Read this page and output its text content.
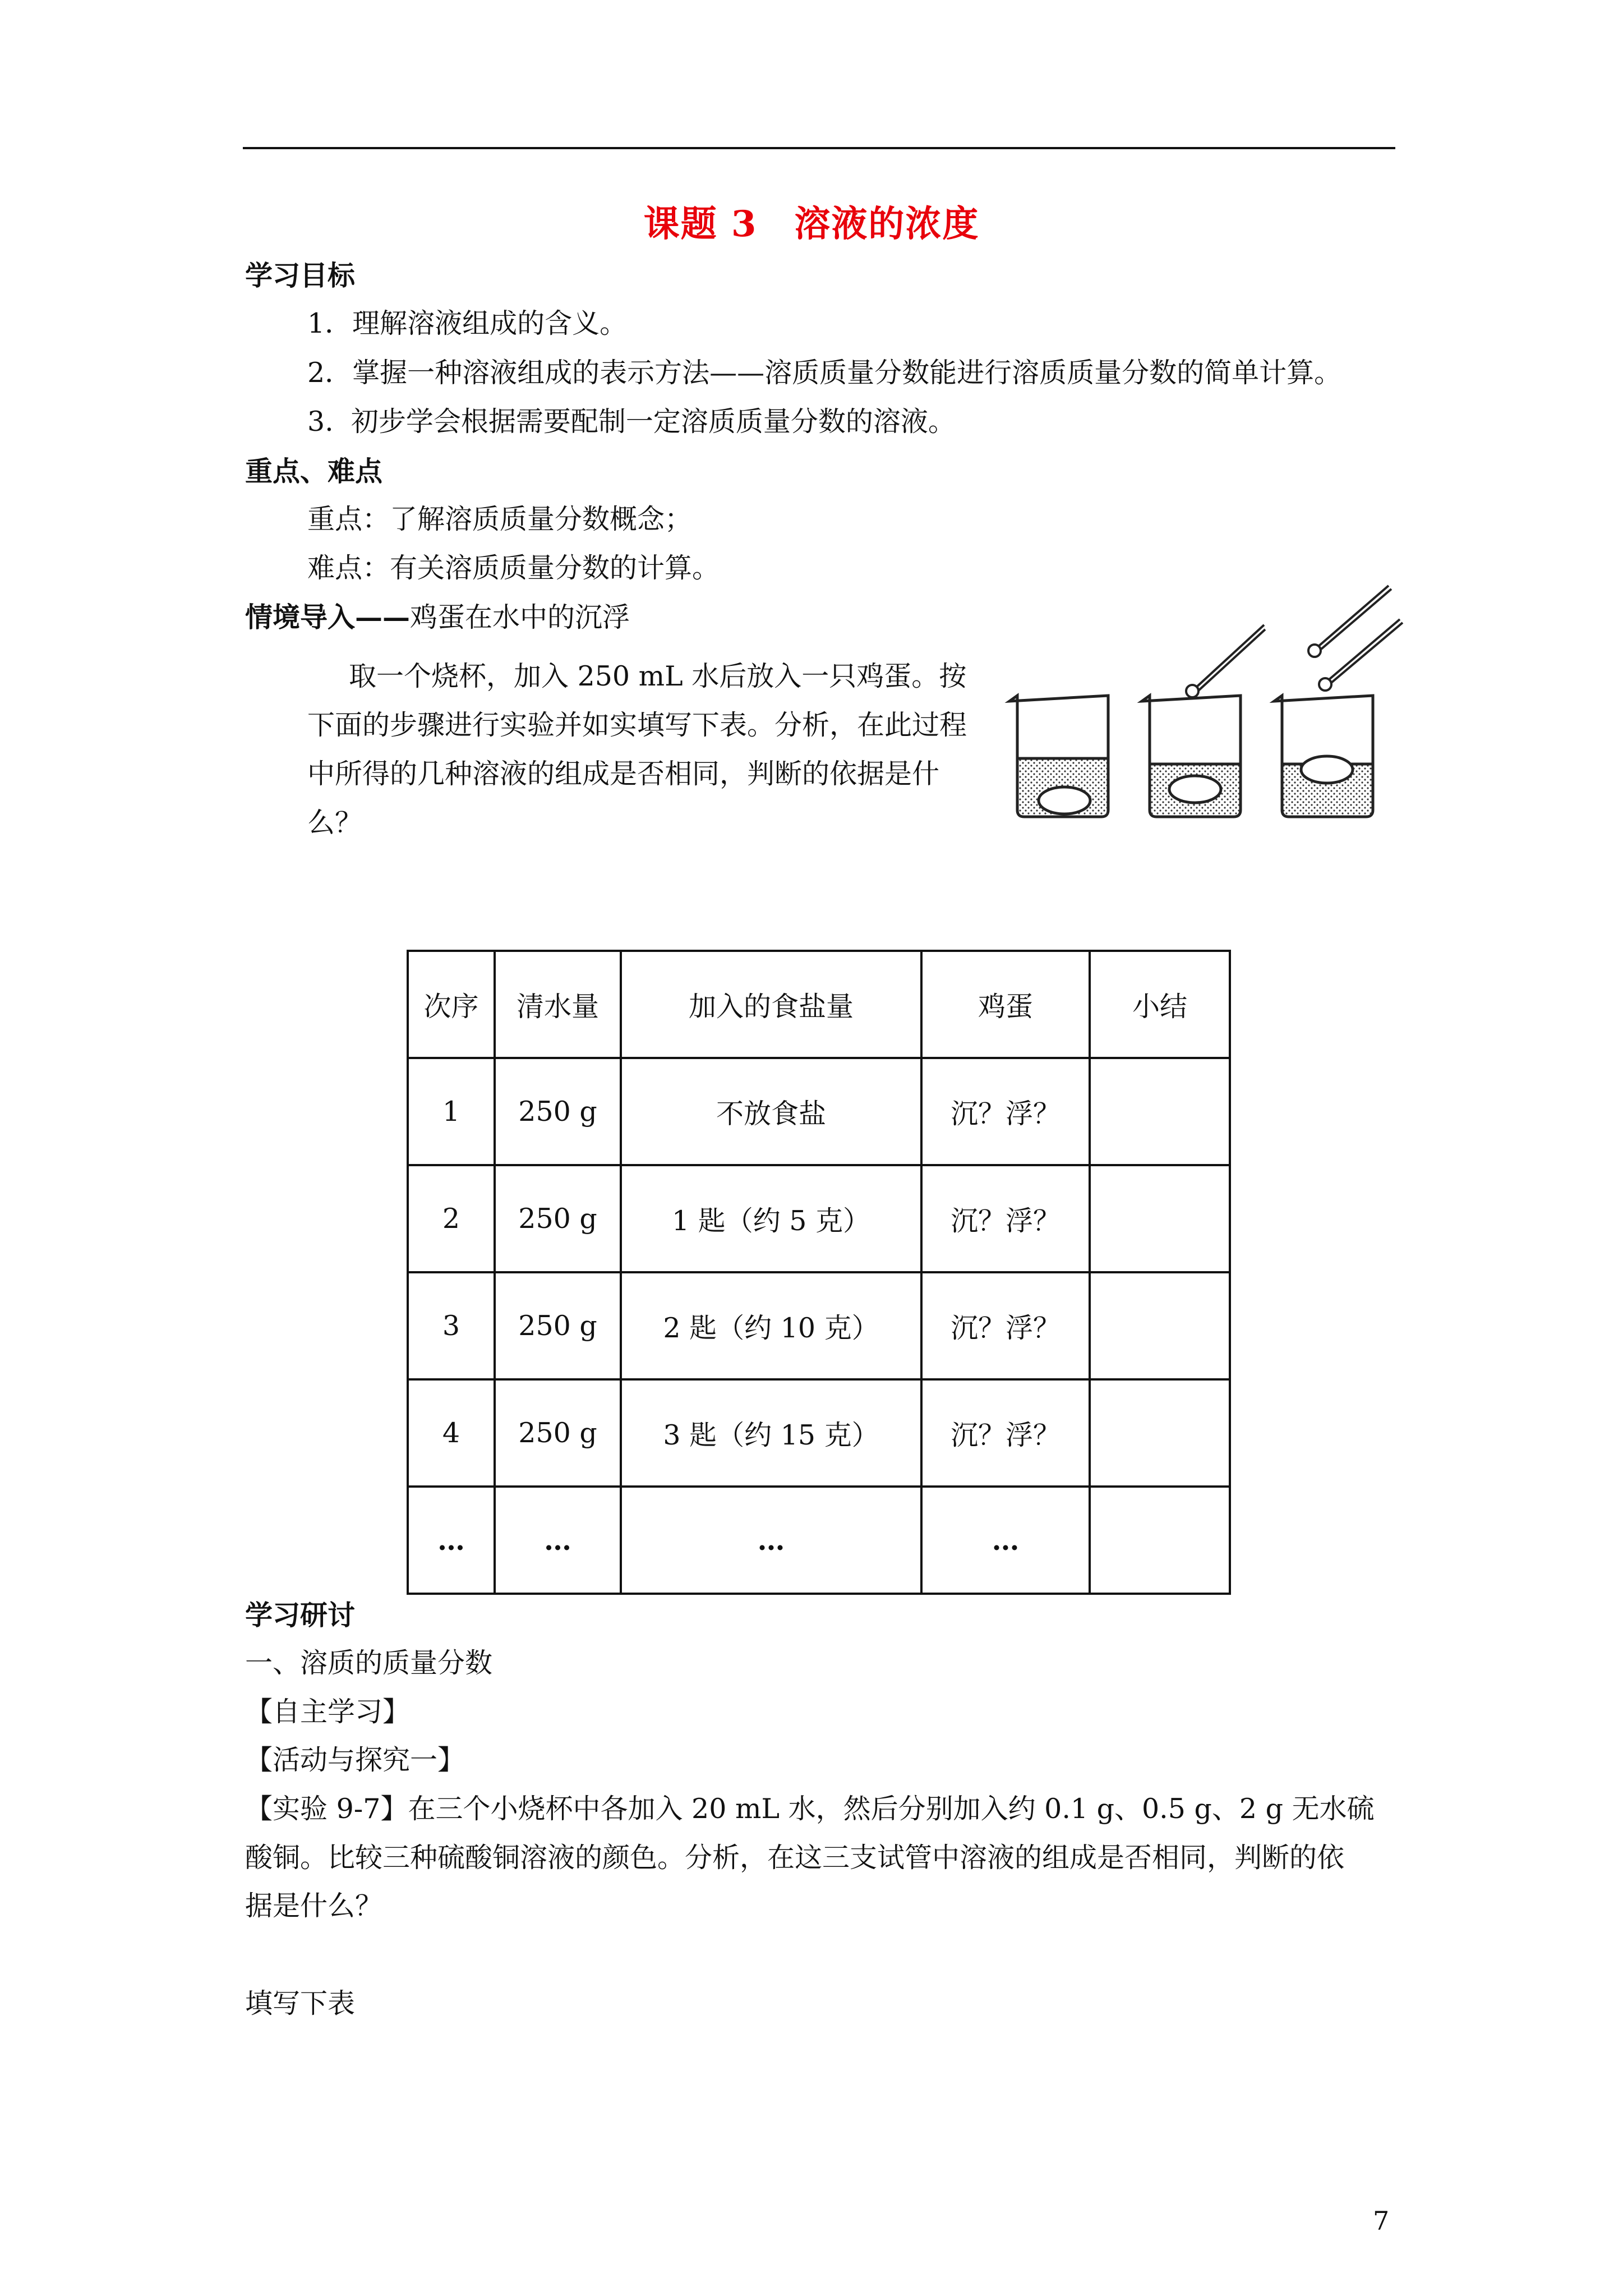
课题 3　溶液的浓度
学习目标
1．理解溶液组成的含义。
2．掌握一种溶液组成的表示方法——溶质质量分数能进行溶质质量分数的简单计算。
3.  初步学会根据需要配制一定溶质质量分数的溶液。
重点、难点
重点：了解溶质质量分数概念；
难点：有关溶质质量分数的计算。
情境导入——鸡蛋在水中的沉浮

取一个烧杯，加入 250 mL 水后放入一只鸡蛋。按下面的步骤进行实验并如实填写下表。分析，在此过程中所得的几种溶液的组成是否相同，判断的依据是什么？

次序	清水量	加入的食盐量	鸡蛋	小结
1	250 g	不放食盐	沉？浮？	
2	250 g	1 匙（约 5 克）	沉？浮？	
3	250 g	2 匙（约 10 克）	沉？浮？	
4	250 g	3 匙（约 15 克）	沉？浮？	
…	…	…	…	
学习研讨
一、溶质的质量分数
【自主学习】
【活动与探究一】
【实验 9-7】在三个小烧杯中各加入 20 mL 水，然后分别加入约 0.1 g、0.5 g、2 g 无水硫
酸铜。比较三种硫酸铜溶液的颜色。分析，在这三支试管中溶液的组成是否相同，判断的依
据是什么？
填写下表
7
